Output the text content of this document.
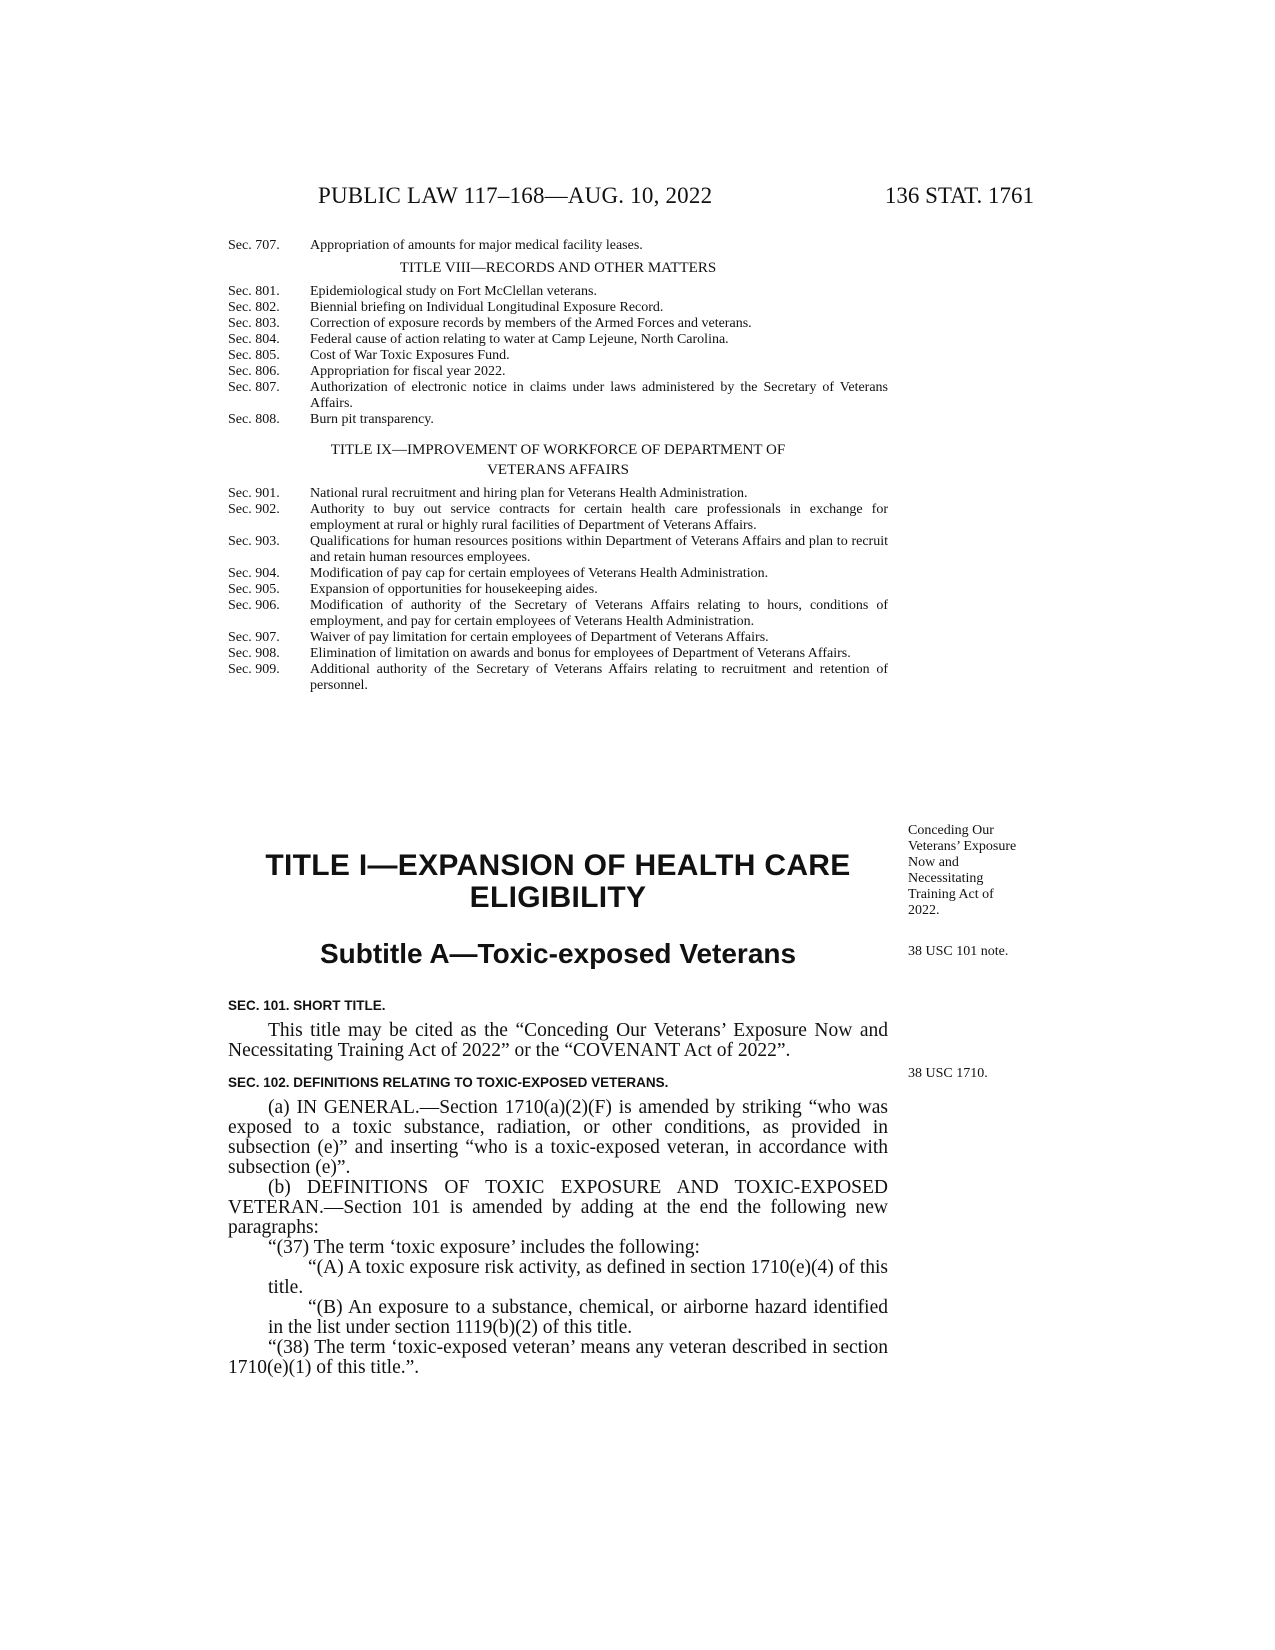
PUBLIC LAW 117–168—AUG. 10, 2022	136 STAT. 1761
Sec. 707.	Appropriation of amounts for major medical facility leases.
TITLE VIII—RECORDS AND OTHER MATTERS
Sec. 801.	Epidemiological study on Fort McClellan veterans.
Sec. 802.	Biennial briefing on Individual Longitudinal Exposure Record.
Sec. 803.	Correction of exposure records by members of the Armed Forces and veterans.
Sec. 804.	Federal cause of action relating to water at Camp Lejeune, North Carolina.
Sec. 805.	Cost of War Toxic Exposures Fund.
Sec. 806.	Appropriation for fiscal year 2022.
Sec. 807.	Authorization of electronic notice in claims under laws administered by the Secretary of Veterans Affairs.
Sec. 808.	Burn pit transparency.
TITLE IX—IMPROVEMENT OF WORKFORCE OF DEPARTMENT OF
VETERANS AFFAIRS
Sec. 901.	National rural recruitment and hiring plan for Veterans Health Administration.
Sec. 902.	Authority to buy out service contracts for certain health care professionals in exchange for employment at rural or highly rural facilities of Department of Veterans Affairs.
Sec. 903.	Qualifications for human resources positions within Department of Veterans Affairs and plan to recruit and retain human resources employees.
Sec. 904.	Modification of pay cap for certain employees of Veterans Health Administration.
Sec. 905.	Expansion of opportunities for housekeeping aides.
Sec. 906.	Modification of authority of the Secretary of Veterans Affairs relating to hours, conditions of employment, and pay for certain employees of Veterans Health Administration.
Sec. 907.	Waiver of pay limitation for certain employees of Department of Veterans Affairs.
Sec. 908.	Elimination of limitation on awards and bonus for employees of Department of Veterans Affairs.
Sec. 909.	Additional authority of the Secretary of Veterans Affairs relating to recruitment and retention of personnel.
TITLE I—EXPANSION OF HEALTH CARE
ELIGIBILITY
Subtitle A—Toxic-exposed Veterans
SEC. 101. SHORT TITLE.

This title may be cited as the “Conceding Our Veterans’ Exposure Now and Necessitating Training Act of 2022” or the “COVENANT Act of 2022”.

SEC. 102. DEFINITIONS RELATING TO TOXIC-EXPOSED VETERANS.

(a) IN GENERAL.—Section 1710(a)(2)(F) is amended by striking “who was exposed to a toxic substance, radiation, or other conditions, as provided in subsection (e)” and inserting “who is a toxic-exposed veteran, in accordance with subsection (e)”.

(b) DEFINITIONS OF TOXIC EXPOSURE AND TOXIC-EXPOSED VETERAN.—Section 101 is amended by adding at the end the following new paragraphs:

“(37) The term ‘toxic exposure’ includes the following:

“(A) A toxic exposure risk activity, as defined in section 1710(e)(4) of this title.

“(B) An exposure to a substance, chemical, or airborne hazard identified in the list under section 1119(b)(2) of this title.

“(38) The term ‘toxic-exposed veteran’ means any veteran described in section 1710(e)(1) of this title.”.

Conceding Our Veterans’ Exposure Now and Necessitating Training Act of 2022.
38 USC 101 note.
38 USC 1710.
